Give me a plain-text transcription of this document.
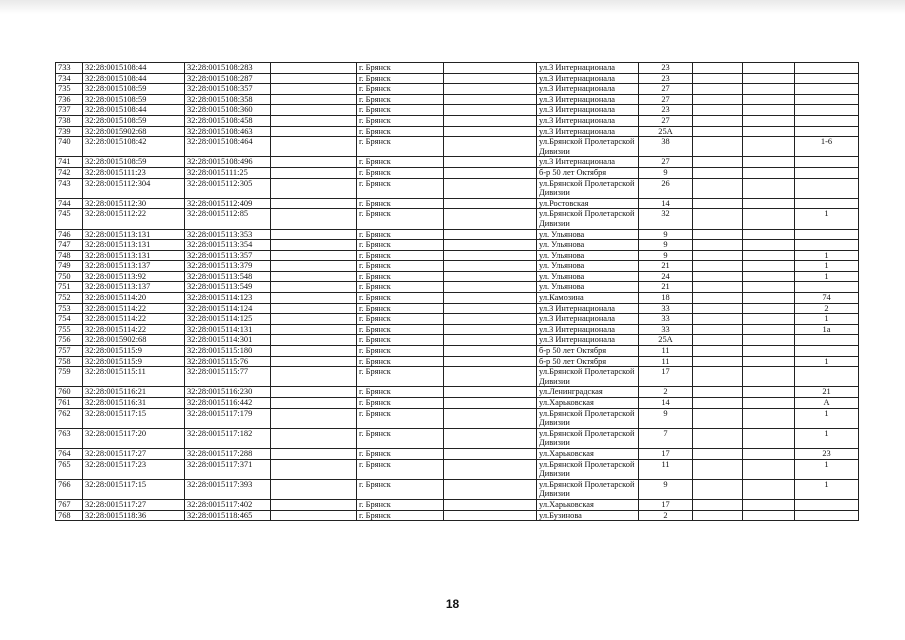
733	32:28:0015108:44	32:28:0015108:283		г. Брянск		ул.3 Интернационала	23			
734	32:28:0015108:44	32:28:0015108:287		г. Брянск		ул.3 Интернационала	23			
735	32:28:0015108:59	32:28:0015108:357		г. Брянск		ул.3 Интернационала	27			
736	32:28:0015108:59	32:28:0015108:358		г. Брянск		ул.3 Интернационала	27			
737	32:28:0015108:44	32:28:0015108:360		г. Брянск		ул.3 Интернационала	23			
738	32:28:0015108:59	32:28:0015108:458		г. Брянск		ул.3 Интернационала	27			
739	32:28:0015902:68	32:28:0015108:463		г. Брянск		ул.3 Интернационала	25А			
740	32:28:0015108:42	32:28:0015108:464		г. Брянск		ул.Брянской Пролетарской Дивизии	38			1-6
741	32:28:0015108:59	32:28:0015108:496		г. Брянск		ул.3 Интернационала	27			
742	32:28:0015111:23	32:28:0015111:25		г. Брянск		б-р 50 лет Октября	9			
743	32:28:0015112:304	32:28:0015112:305		г. Брянск		ул.Брянской Пролетарской Дивизии	26			
744	32:28:0015112:30	32:28:0015112:409		г. Брянск		ул.Ростовская	14			
745	32:28:0015112:22	32:28:0015112:85		г. Брянск		ул.Брянской Пролетарской Дивизии	32			1
746	32:28:0015113:131	32:28:0015113:353		г. Брянск		ул. Ульянова	9			
747	32:28:0015113:131	32:28:0015113:354		г. Брянск		ул. Ульянова	9			
748	32:28:0015113:131	32:28:0015113:357		г. Брянск		ул. Ульянова	9			1
749	32:28:0015113:137	32:28:0015113:379		г. Брянск		ул. Ульянова	21			1
750	32:28:0015113:92	32:28:0015113:548		г. Брянск		ул. Ульянова	24			1
751	32:28:0015113:137	32:28:0015113:549		г. Брянск		ул. Ульянова	21			
752	32:28:0015114:20	32:28:0015114:123		г. Брянск		ул.Камозина	18			74
753	32:28:0015114:22	32:28:0015114:124		г. Брянск		ул.3 Интернационала	33			2
754	32:28:0015114:22	32:28:0015114:125		г. Брянск		ул.3 Интернационала	33			1
755	32:28:0015114:22	32:28:0015114:131		г. Брянск		ул.3 Интернационала	33			1а
756	32:28:0015902:68	32:28:0015114:301		г. Брянск		ул.3 Интернационала	25А			
757	32:28:0015115:9	32:28:0015115:180		г. Брянск		б-р 50 лет Октября	11			
758	32:28:0015115:9	32:28:0015115:76		г. Брянск		б-р 50 лет Октября	11			1
759	32:28:0015115:11	32:28:0015115:77		г. Брянск		ул.Брянской Пролетарской Дивизии	17			
760	32:28:0015116:21	32:28:0015116:230		г. Брянск		ул.Ленинградская	2			21
761	32:28:0015116:31	32:28:0015116:442		г. Брянск		ул.Харьковская	14			А
762	32:28:0015117:15	32:28:0015117:179		г. Брянск		ул.Брянской Пролетарской Дивизии	9			1
763	32:28:0015117:20	32:28:0015117:182		г. Брянск		ул.Брянской Пролетарской Дивизии	7			1
764	32:28:0015117:27	32:28:0015117:288		г. Брянск		ул.Харьковская	17			23
765	32:28:0015117:23	32:28:0015117:371		г. Брянск		ул.Брянской Пролетарской Дивизии	11			1
766	32:28:0015117:15	32:28:0015117:393		г. Брянск		ул.Брянской Пролетарской Дивизии	9			1
767	32:28:0015117:27	32:28:0015117:402		г. Брянск		ул.Харьковская	17			
768	32:28:0015118:36	32:28:0015118:465		г. Брянск		ул.Бузинова	2			
18
